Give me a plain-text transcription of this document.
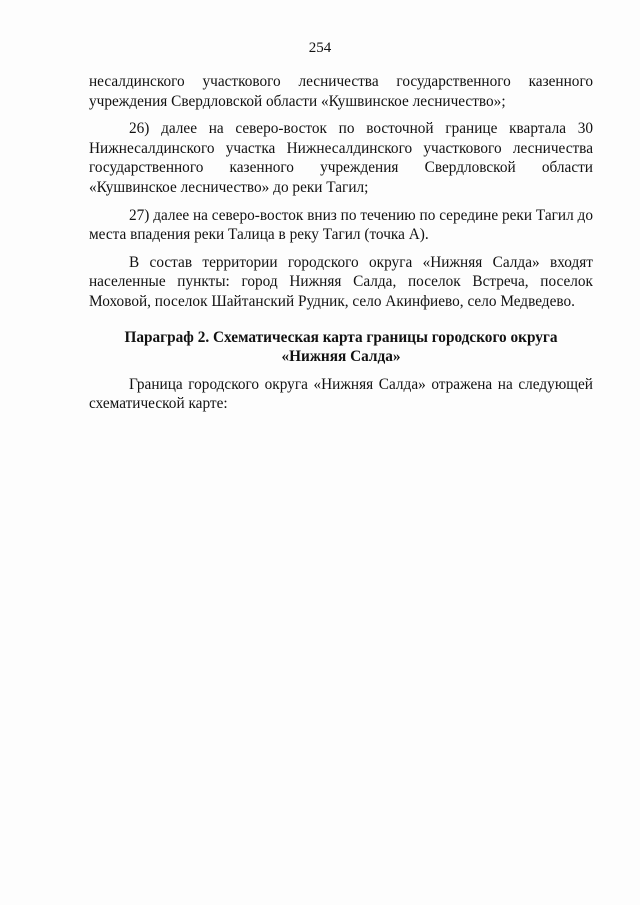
254

несалдинского участкового лесничества государственного казенного учреждения Свердловской области «Кушвинское лесничество»;

26) далее на северо-восток по восточной границе квартала 30 Нижнесалдинского участка Нижнесалдинского участкового лесничества государственного казенного учреждения Свердловской области «Кушвинское лесничество» до реки Тагил;

27) далее на северо-восток вниз по течению по середине реки Тагил до места впадения реки Талица в реку Тагил (точка А).

В состав территории городского округа «Нижняя Салда» входят населенные пункты: город Нижняя Салда, поселок Встреча, поселок Моховой, поселок Шайтанский Рудник, село Акинфиево, село Медведево.

Параграф 2. Схематическая карта границы городского округа
«Нижняя Салда»

Граница городского округа «Нижняя Салда» отражена на следующей схематической карте:
